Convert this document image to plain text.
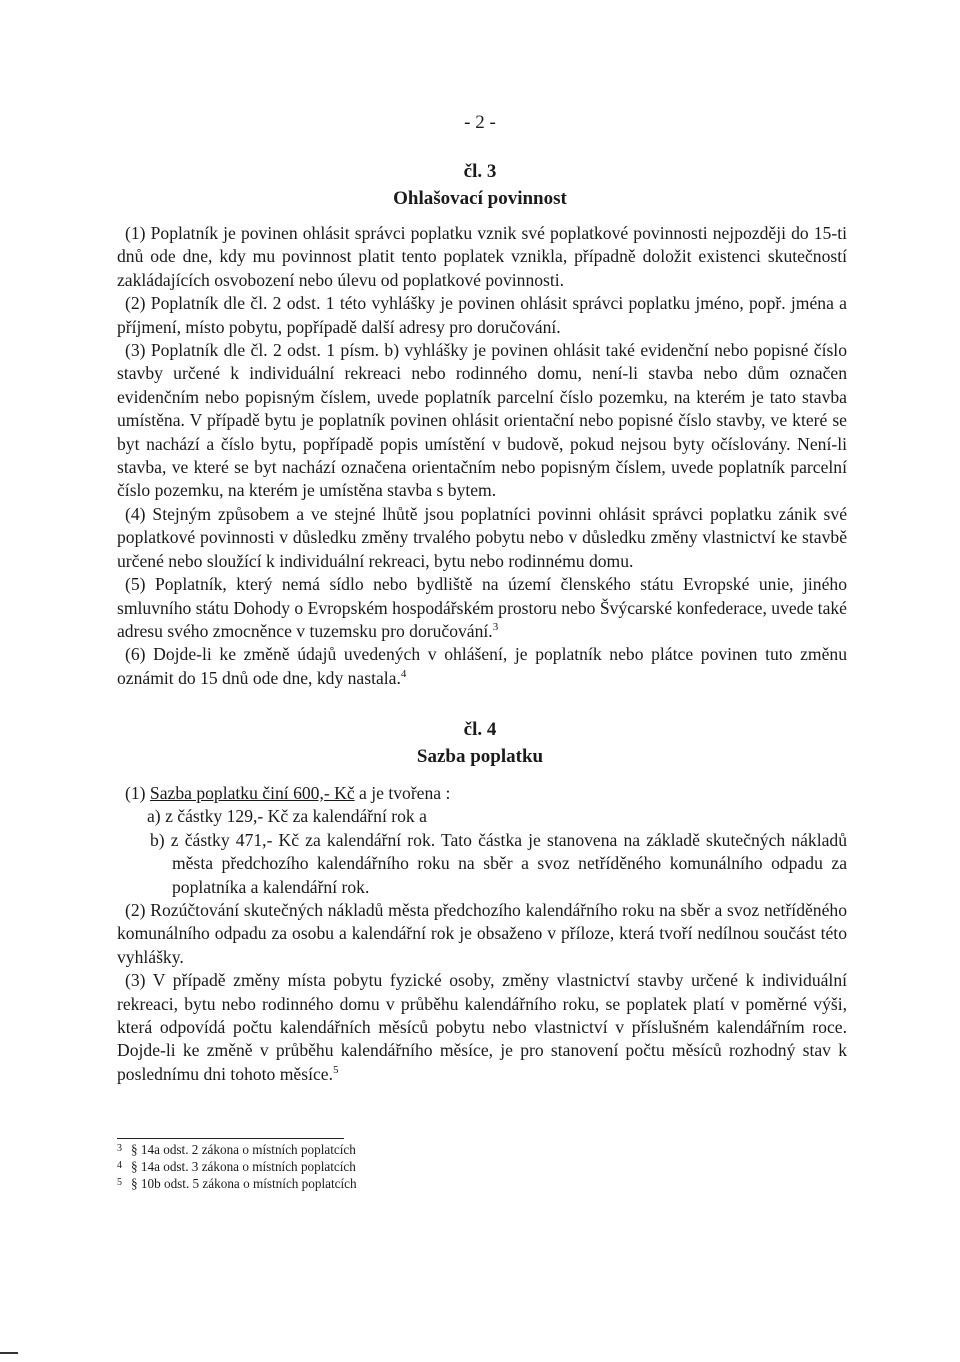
- 2 -
čl. 3
Ohlašovací povinnost

(1) Poplatník je povinen ohlásit správci poplatku vznik své poplatkové povinnosti nejpozději do 15-ti dnů ode dne, kdy mu povinnost platit tento poplatek vznikla, případně doložit existenci skutečností zakládajících osvobození nebo úlevu od poplatkové povinnosti.

(2) Poplatník dle čl. 2 odst. 1 této vyhlášky je povinen ohlásit správci poplatku jméno, popř. jména a příjmení, místo pobytu, popřípadě další adresy pro doručování.

(3) Poplatník dle čl. 2 odst. 1 písm. b) vyhlášky je povinen ohlásit také evidenční nebo popisné číslo stavby určené k individuální rekreaci nebo rodinného domu, není-li stavba nebo dům označen evidenčním nebo popisným číslem, uvede poplatník parcelní číslo pozemku, na kterém je tato stavba umístěna. V případě bytu je poplatník povinen ohlásit orientační nebo popisné číslo stavby, ve které se byt nachází a číslo bytu, popřípadě popis umístění v budově, pokud nejsou byty očíslovány. Není-li stavba, ve které se byt nachází označena orientačním nebo popisným číslem, uvede poplatník parcelní číslo pozemku, na kterém je umístěna stavba s bytem.

(4) Stejným způsobem a ve stejné lhůtě jsou poplatníci povinni ohlásit správci poplatku zánik své poplatkové povinnosti v důsledku změny trvalého pobytu nebo v důsledku změny vlastnictví ke stavbě určené nebo sloužící k individuální rekreaci, bytu nebo rodinnému domu.

(5) Poplatník, který nemá sídlo nebo bydliště na území členského státu Evropské unie, jiného smluvního státu Dohody o Evropském hospodářském prostoru nebo Švýcarské konfederace, uvede také adresu svého zmocněnce v tuzemsku pro doručování.$^3$

(6) Dojde-li ke změně údajů uvedených v ohlášení, je poplatník nebo plátce povinen tuto změnu oznámit do 15 dnů ode dne, kdy nastala.$^4$

čl. 4
Sazba poplatku

(1) Sazba poplatku činí 600,- Kč a je tvořena :

a) z částky 129,- Kč za kalendářní rok a

b) z částky 471,- Kč za kalendářní rok. Tato částka je stanovena na základě skutečných nákladů města předchozího kalendářního roku na sběr a svoz netříděného komunálního odpadu za poplatníka a kalendářní rok.

(2) Rozúčtování skutečných nákladů města předchozího kalendářního roku na sběr a svoz netříděného komunálního odpadu za osobu a kalendářní rok je obsaženo v příloze, která tvoří nedílnou součást této vyhlášky.

(3) V případě změny místa pobytu fyzické osoby, změny vlastnictví stavby určené k individuální rekreaci, bytu nebo rodinného domu v průběhu kalendářního roku, se poplatek platí v poměrné výši, která odpovídá počtu kalendářních měsíců pobytu nebo vlastnictví v příslušném kalendářním roce. Dojde-li ke změně v průběhu kalendářního měsíce, je pro stanovení počtu měsíců rozhodný stav k poslednímu dni tohoto měsíce.$^5$

3 § 14a odst. 2 zákona o místních poplatcích

4 § 14a odst. 3 zákona o místních poplatcích

5 § 10b odst. 5 zákona o místních poplatcích
